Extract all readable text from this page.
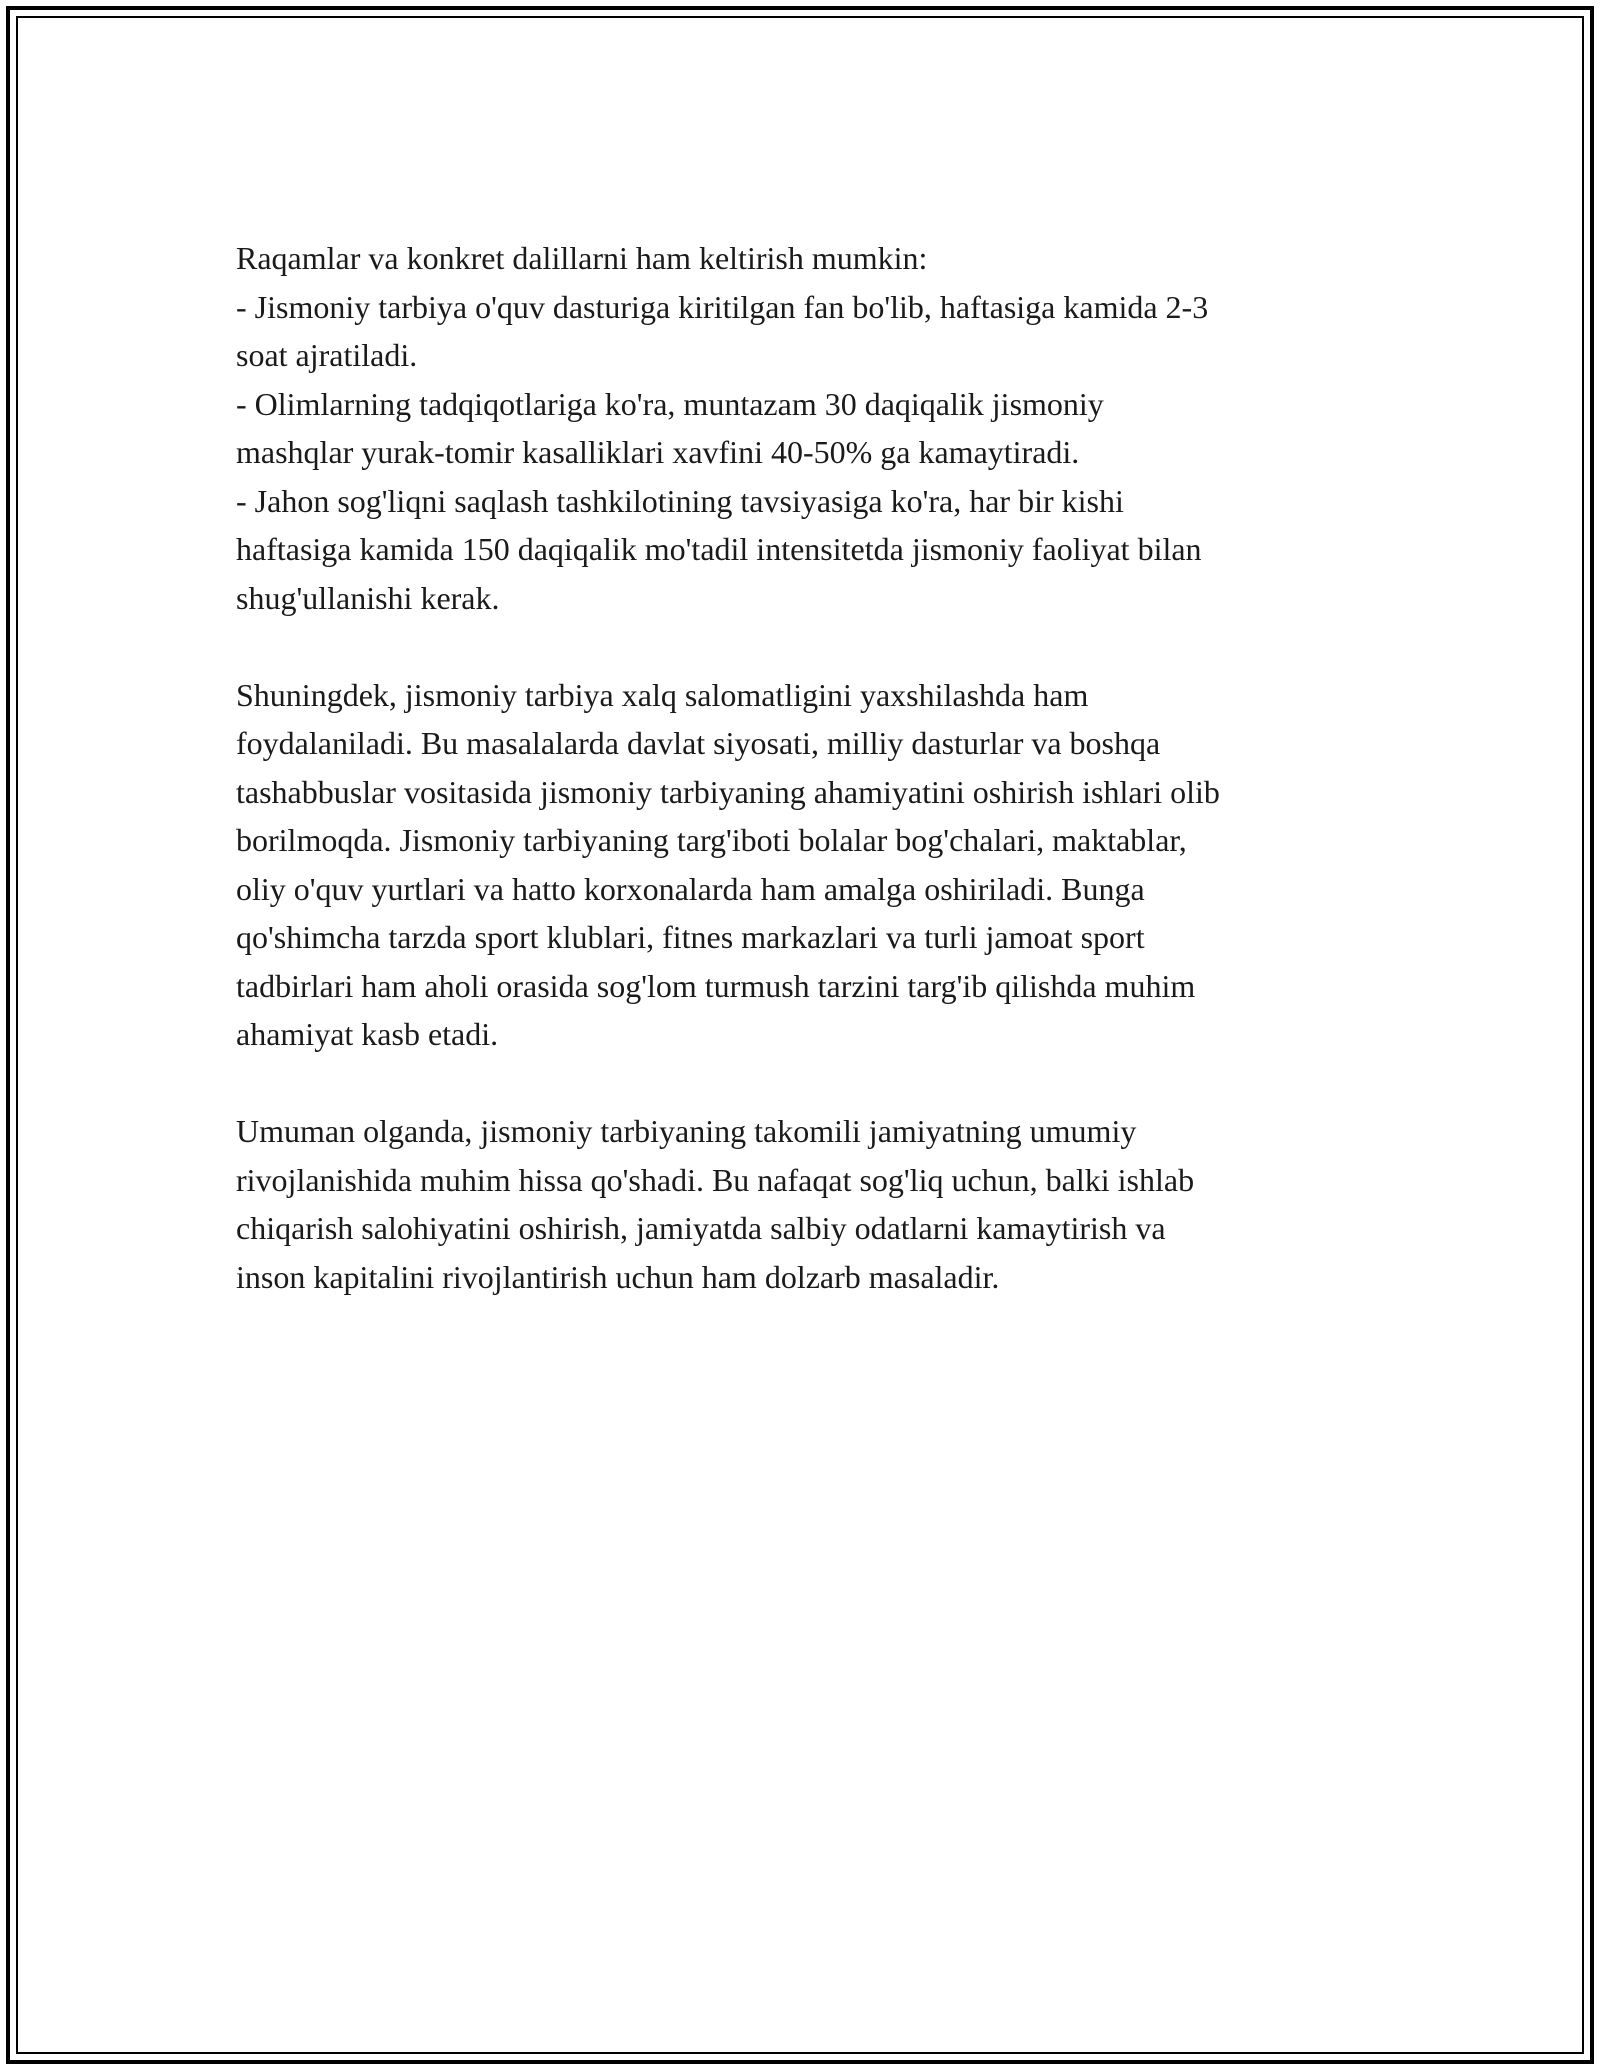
Raqamlar va konkret dalillarni ham keltirish mumkin:
- Jismoniy tarbiya o'quv dasturiga kiritilgan fan bo'lib, haftasiga kamida 2-3
soat ajratiladi.
- Olimlarning tadqiqotlariga ko'ra, muntazam 30 daqiqalik jismoniy
mashqlar yurak-tomir kasalliklari xavfini 40-50% ga kamaytiradi.
- Jahon sog'liqni saqlash tashkilotining tavsiyasiga ko'ra, har bir kishi
haftasiga kamida 150 daqiqalik mo'tadil intensitetda jismoniy faoliyat bilan
shug'ullanishi kerak.

Shuningdek, jismoniy tarbiya xalq salomatligini yaxshilashda ham
foydalaniladi. Bu masalalarda davlat siyosati, milliy dasturlar va boshqa
tashabbuslar vositasida jismoniy tarbiyaning ahamiyatini oshirish ishlari olib
borilmoqda. Jismoniy tarbiyaning targ'iboti bolalar bog'chalari, maktablar,
oliy o'quv yurtlari va hatto korxonalarda ham amalga oshiriladi. Bunga
qo'shimcha tarzda sport klublari, fitnes markazlari va turli jamoat sport
tadbirlari ham aholi orasida sog'lom turmush tarzini targ'ib qilishda muhim
ahamiyat kasb etadi.

Umuman olganda, jismoniy tarbiyaning takomili jamiyatning umumiy
rivojlanishida muhim hissa qo'shadi. Bu nafaqat sog'liq uchun, balki ishlab
chiqarish salohiyatini oshirish, jamiyatda salbiy odatlarni kamaytirish va
inson kapitalini rivojlantirish uchun ham dolzarb masaladir.
